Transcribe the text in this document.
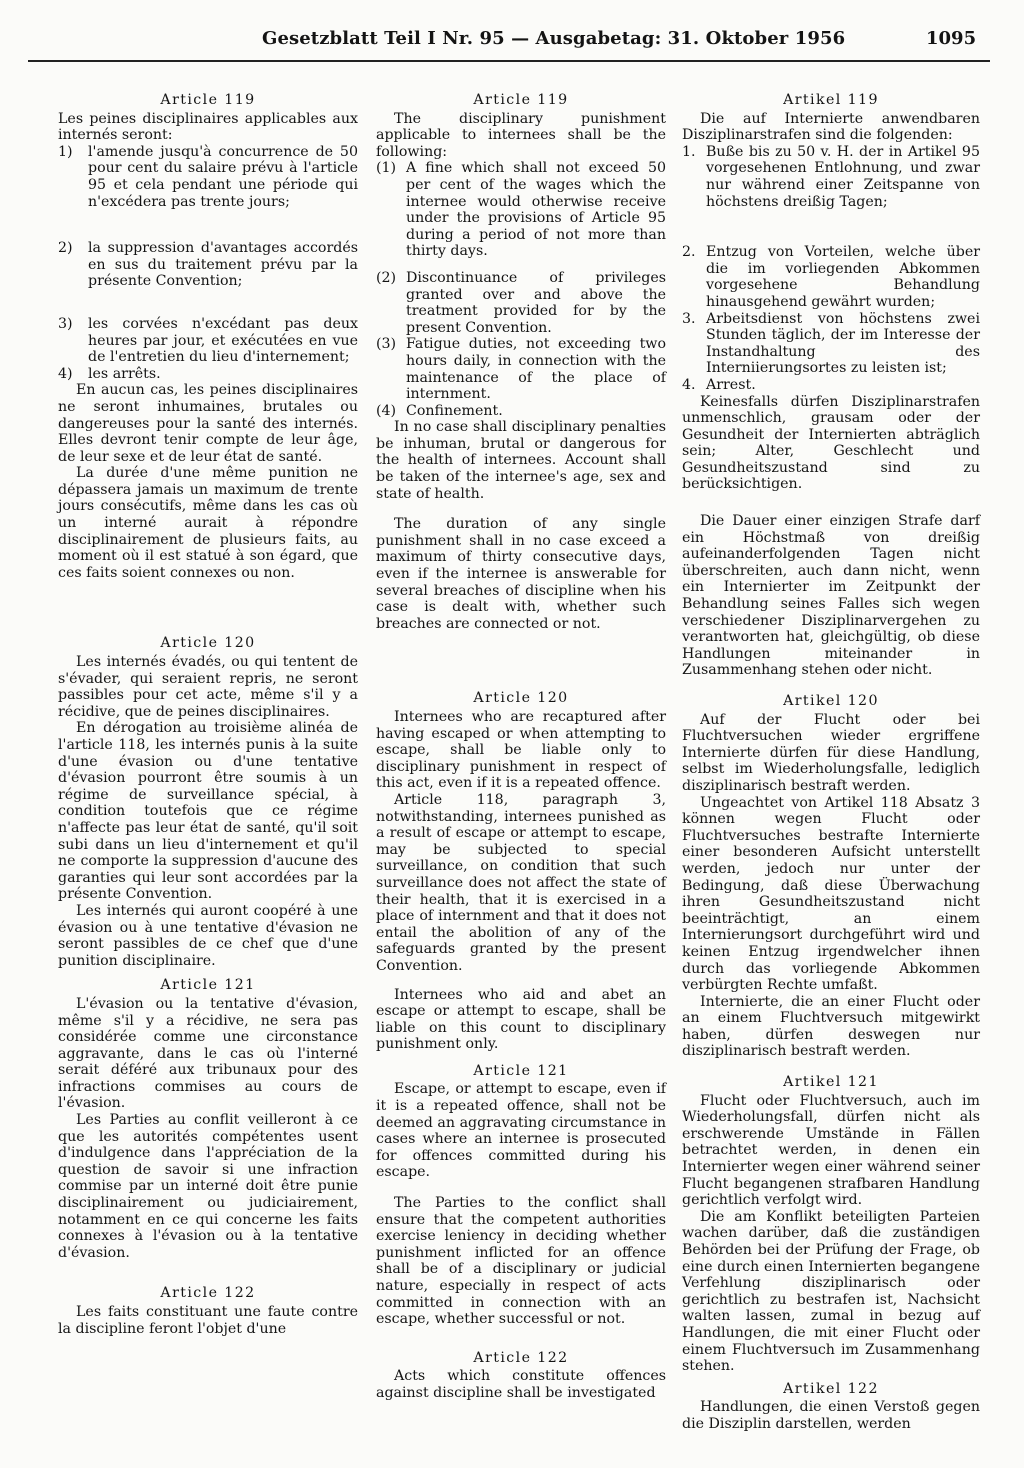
Gesetzblatt Teil I Nr. 95 — Ausgabetag: 31. Oktober 1956	1095
Article 119

Les peines disciplinaires applicables aux internés seront:

1)	l'amende jusqu'à concurrence de 50 pour cent du salaire prévu à l'article 95 et cela pendant une période qui n'excédera pas trente jours;
2)	la suppression d'avantages accordés en sus du traitement prévu par la présente Convention;
3)	les corvées n'excédant pas deux heures par jour, et exécutées en vue de l'entretien du lieu d'internement;
4)	les arrêts.

En aucun cas, les peines disciplinaires ne seront inhumaines, brutales ou dangereuses pour la santé des internés. Elles devront tenir compte de leur âge, de leur sexe et de leur état de santé.

La durée d'une même punition ne dépassera jamais un maximum de trente jours consécutifs, même dans les cas où un interné aurait à répondre disciplinairement de plusieurs faits, au moment où il est statué à son égard, que ces faits soient connexes ou non.

Article 120

Les internés évadés, ou qui tentent de s'évader, qui seraient repris, ne seront passibles pour cet acte, même s'il y a récidive, que de peines disciplinaires.

En dérogation au troisième alinéa de l'article 118, les internés punis à la suite d'une évasion ou d'une tentative d'évasion pourront être soumis à un régime de surveillance spécial, à condition toutefois que ce régime n'affecte pas leur état de santé, qu'il soit subi dans un lieu d'internement et qu'il ne comporte la suppression d'aucune des garanties qui leur sont accordées par la présente Convention.

Les internés qui auront coopéré à une évasion ou à une tentative d'évasion ne seront passibles de ce chef que d'une punition disciplinaire.

Article 121

L'évasion ou la tentative d'évasion, même s'il y a récidive, ne sera pas considérée comme une circonstance aggravante, dans le cas où l'interné serait déféré aux tribunaux pour des infractions commises au cours de l'évasion.

Les Parties au conflit veilleront à ce que les autorités compétentes usent d'indulgence dans l'appréciation de la question de savoir si une infraction commise par un interné doit être punie disciplinairement ou judiciairement, notamment en ce qui concerne les faits connexes à l'évasion ou à la tentative d'évasion.

Article 122

Les faits constituant une faute contre la discipline feront l'objet d'une

Article 119

The disciplinary punishment applicable to internees shall be the following:

(1) A fine which shall not exceed 50 per cent of the wages which the internee would otherwise receive under the provisions of Article 95 during a period of not more than thirty days.
(2) Discontinuance of privileges granted over and above the treatment provided for by the present Convention.
(3) Fatigue duties, not exceeding two hours daily, in connection with the maintenance of the place of internment.
(4) Confinement.

In no case shall disciplinary penalties be inhuman, brutal or dangerous for the health of internees. Account shall be taken of the internee's age, sex and state of health.

The duration of any single punishment shall in no case exceed a maximum of thirty consecutive days, even if the internee is answerable for several breaches of discipline when his case is dealt with, whether such breaches are connected or not.

Article 120

Internees who are recaptured after having escaped or when attempting to escape, shall be liable only to disciplinary punishment in respect of this act, even if it is a repeated offence.

Article 118, paragraph 3, notwithstanding, internees punished as a result of escape or attempt to escape, may be subjected to special surveillance, on condition that such surveillance does not affect the state of their health, that it is exercised in a place of internment and that it does not entail the abolition of any of the safeguards granted by the present Convention.

Internees who aid and abet an escape or attempt to escape, shall be liable on this count to disciplinary punishment only.

Article 121

Escape, or attempt to escape, even if it is a repeated offence, shall not be deemed an aggravating circumstance in cases where an internee is prosecuted for offences committed during his escape.

The Parties to the conflict shall ensure that the competent authorities exercise leniency in deciding whether punishment inflicted for an offence shall be of a disciplinary or judicial nature, especially in respect of acts committed in connection with an escape, whether successful or not.

Article 122

Acts which constitute offences against discipline shall be investigated

Artikel 119

Die auf Internierte anwendbaren Disziplinarstrafen sind die folgenden:

1. Buße bis zu 50 v. H. der in Artikel 95 vorgesehenen Entlohnung, und zwar nur während einer Zeitspanne von höchstens dreißig Tagen;
2. Entzug von Vorteilen, welche über die im vorliegenden Abkommen vorgesehene Behandlung hinausgehend gewährt wurden;
3. Arbeitsdienst von höchstens zwei Stunden täglich, der im Interesse der Instandhaltung des Interniierungsortes zu leisten ist;
4. Arrest.

Keinesfalls dürfen Disziplinarstrafen unmenschlich, grausam oder der Gesundheit der Internierten abträglich sein; Alter, Geschlecht und Gesundheitszustand sind zu berücksichtigen.

Die Dauer einer einzigen Strafe darf ein Höchstmaß von dreißig aufeinanderfolgenden Tagen nicht überschreiten, auch dann nicht, wenn ein Internierter im Zeitpunkt der Behandlung seines Falles sich wegen verschiedener Disziplinarvergehen zu verantworten hat, gleichgültig, ob diese Handlungen miteinander in Zusammenhang stehen oder nicht.

Artikel 120

Auf der Flucht oder bei Fluchtversuchen wieder ergriffene Internierte dürfen für diese Handlung, selbst im Wiederholungsfalle, lediglich disziplinarisch bestraft werden.

Ungeachtet von Artikel 118 Absatz 3 können wegen Flucht oder Fluchtversuches bestrafte Internierte einer besonderen Aufsicht unterstellt werden, jedoch nur unter der Bedingung, daß diese Überwachung ihren Gesundheitszustand nicht beeinträchtigt, an einem Internierungsort durchgeführt wird und keinen Entzug irgendwelcher ihnen durch das vorliegende Abkommen verbürgten Rechte umfaßt.

Internierte, die an einer Flucht oder an einem Fluchtversuch mitgewirkt haben, dürfen deswegen nur disziplinarisch bestraft werden.

Artikel 121

Flucht oder Fluchtversuch, auch im Wiederholungsfall, dürfen nicht als erschwerende Umstände in Fällen betrachtet werden, in denen ein Internierter wegen einer während seiner Flucht begangenen strafbaren Handlung gerichtlich verfolgt wird.

Die am Konflikt beteiligten Parteien wachen darüber, daß die zuständigen Behörden bei der Prüfung der Frage, ob eine durch einen Internierten begangene Verfehlung disziplinarisch oder gerichtlich zu bestrafen ist, Nachsicht walten lassen, zumal in bezug auf Handlungen, die mit einer Flucht oder einem Fluchtversuch im Zusammenhang stehen.

Artikel 122

Handlungen, die einen Verstoß gegen die Disziplin darstellen, werden
